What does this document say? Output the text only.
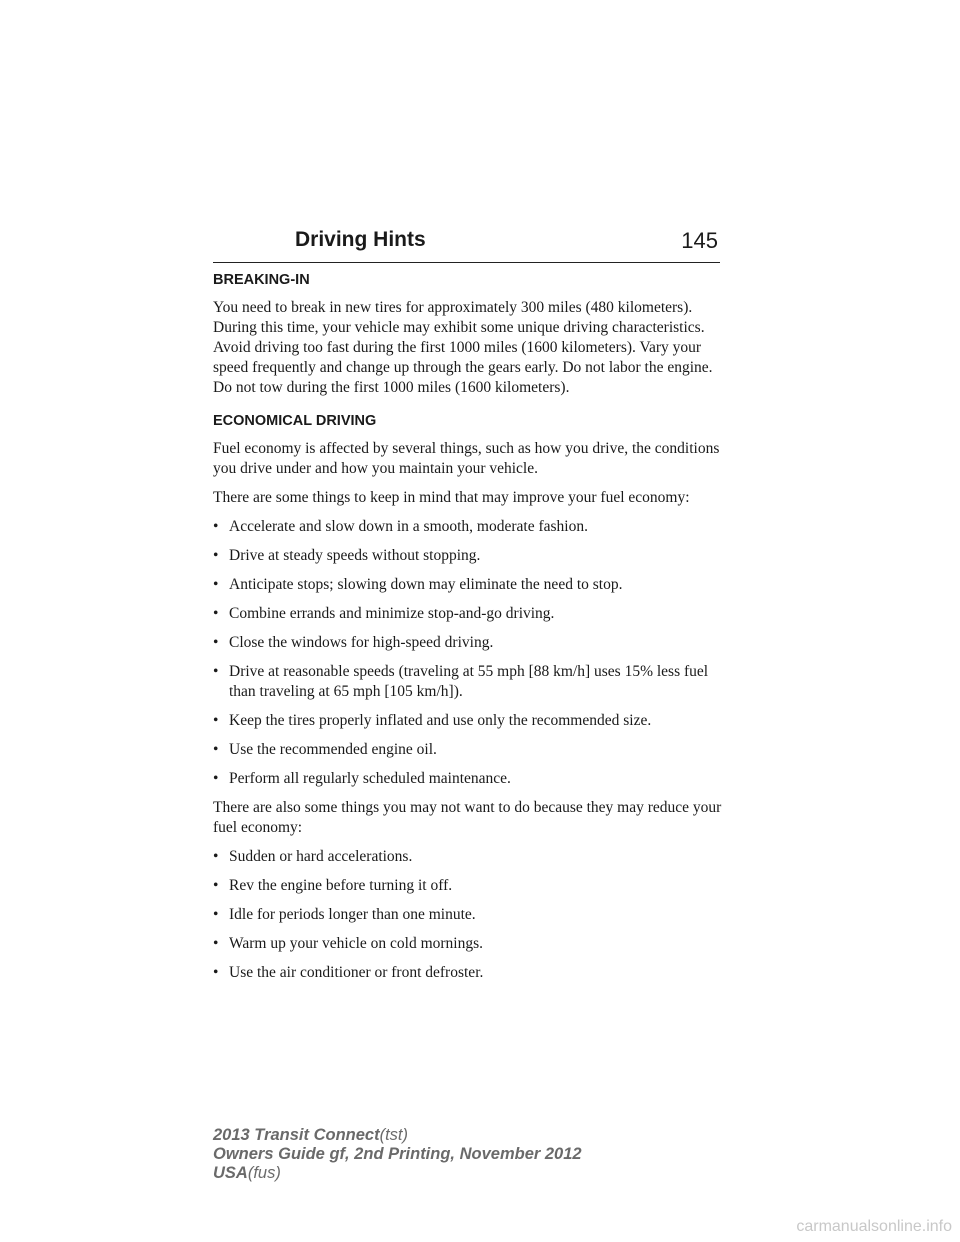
Driving Hints	145
BREAKING-IN

You need to break in new tires for approximately 300 miles (480 kilometers). During this time, your vehicle may exhibit some unique driving characteristics. Avoid driving too fast during the first 1000 miles (1600 kilometers). Vary your speed frequently and change up through the gears early. Do not labor the engine. Do not tow during the first 1000 miles (1600 kilometers).

ECONOMICAL DRIVING

Fuel economy is affected by several things, such as how you drive, the conditions you drive under and how you maintain your vehicle.

There are some things to keep in mind that may improve your fuel economy:

• Accelerate and slow down in a smooth, moderate fashion.
• Drive at steady speeds without stopping.
• Anticipate stops; slowing down may eliminate the need to stop.
• Combine errands and minimize stop-and-go driving.
• Close the windows for high-speed driving.
• Drive at reasonable speeds (traveling at 55 mph [88 km/h] uses 15% less fuel than traveling at 65 mph [105 km/h]).
• Keep the tires properly inflated and use only the recommended size.
• Use the recommended engine oil.
• Perform all regularly scheduled maintenance.

There are also some things you may not want to do because they may reduce your fuel economy:

• Sudden or hard accelerations.
• Rev the engine before turning it off.
• Idle for periods longer than one minute.
• Warm up your vehicle on cold mornings.
• Use the air conditioner or front defroster.
2013 Transit Connect(tst)
Owners Guide gf, 2nd Printing, November 2012
USA(fus)
carmanualsonline.info
